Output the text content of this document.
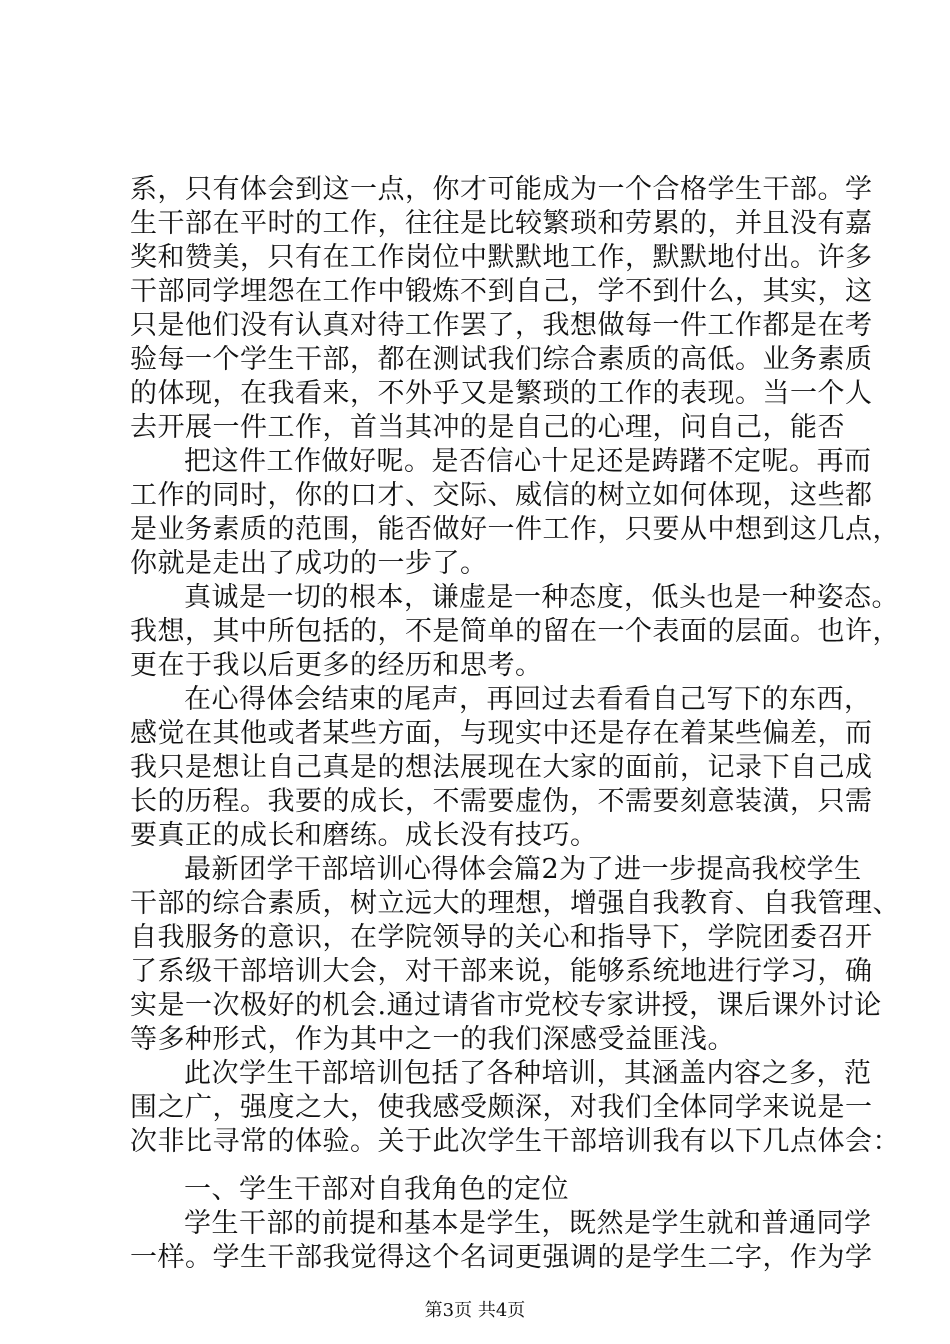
系，只有体会到这一点，你才可能成为一个合格学生干部。学
生干部在平时的工作，往往是比较繁琐和劳累的，并且没有嘉
奖和赞美，只有在工作岗位中默默地工作，默默地付出。许多
干部同学埋怨在工作中锻炼不到自己，学不到什么，其实，这
只是他们没有认真对待工作罢了，我想做每一件工作都是在考
验每一个学生干部，都在测试我们综合素质的高低。业务素质
的体现，在我看来，不外乎又是繁琐的工作的表现。当一个人
去开展一件工作，首当其冲的是自己的心理，问自己，能否
把这件工作做好呢。是否信心十足还是踌躇不定呢。再而
工作的同时，你的口才、交际、威信的树立如何体现，这些都
是业务素质的范围，能否做好一件工作，只要从中想到这几点，
你就是走出了成功的一步了。
真诚是一切的根本，谦虚是一种态度，低头也是一种姿态。
我想，其中所包括的，不是简单的留在一个表面的层面。也许，
更在于我以后更多的经历和思考。
在心得体会结束的尾声，再回过去看看自己写下的东西，
感觉在其他或者某些方面，与现实中还是存在着某些偏差，而
我只是想让自己真是的想法展现在大家的面前，记录下自己成
长的历程。我要的成长，不需要虚伪，不需要刻意装潢，只需
要真正的成长和磨练。成长没有技巧。
最新团学干部培训心得体会篇2为了进一步提高我校学生
干部的综合素质，树立远大的理想，增强自我教育、自我管理、
自我服务的意识，在学院领导的关心和指导下，学院团委召开
了系级干部培训大会，对干部来说，能够系统地进行学习，确
实是一次极好的机会.通过请省市党校专家讲授，课后课外讨论
等多种形式，作为其中之一的我们深感受益匪浅。
此次学生干部培训包括了各种培训，其涵盖内容之多，范
围之广，强度之大，使我感受颇深，对我们全体同学来说是一
次非比寻常的体验。关于此次学生干部培训我有以下几点体会：
一、学生干部对自我角色的定位
第3页 共4页
学生干部的前提和基本是学生，既然是学生就和普通同学
一样。学生干部我觉得这个名词更强调的是学生二字，作为学
